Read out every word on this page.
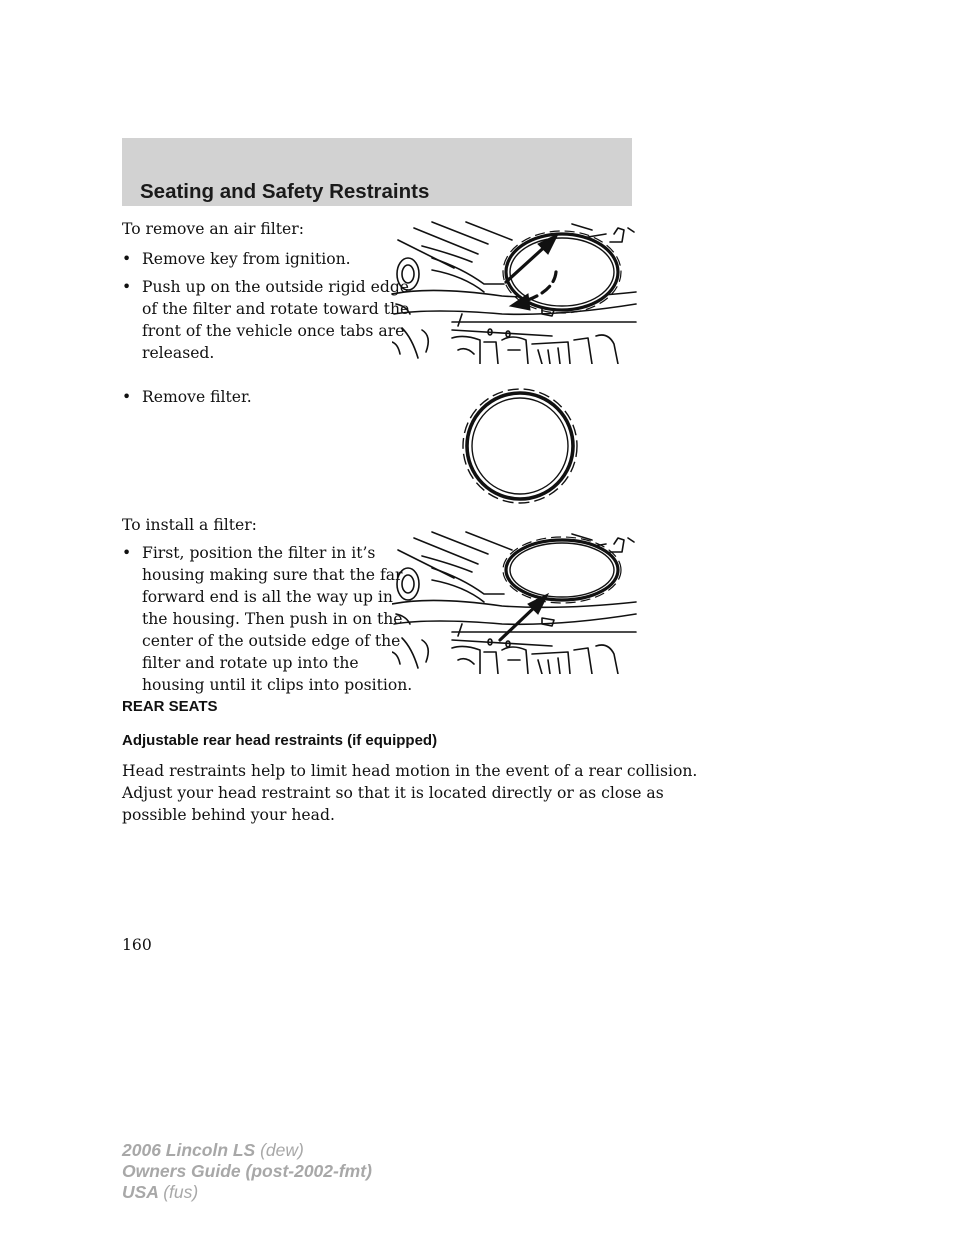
Seating and Safety Restraints
To remove an air filter:
• Remove key from ignition.
• Push up on the outside rigid edge
of the filter and rotate toward the
front of the vehicle once tabs are
released.
• Remove filter.
To install a filter:
• First, position the filter in it’s
housing making sure that the far
forward end is all the way up in
the housing. Then push in on the
center of the outside edge of the
filter and rotate up into the
housing until it clips into position.
REAR SEATS
Adjustable rear head restraints (if equipped)
Head restraints help to limit head motion in the event of a rear collision.
Adjust your head restraint so that it is located directly or as close as
possible behind your head.
160
2006 Lincoln LS (dew)
Owners Guide (post-2002-fmt)
USA (fus)
